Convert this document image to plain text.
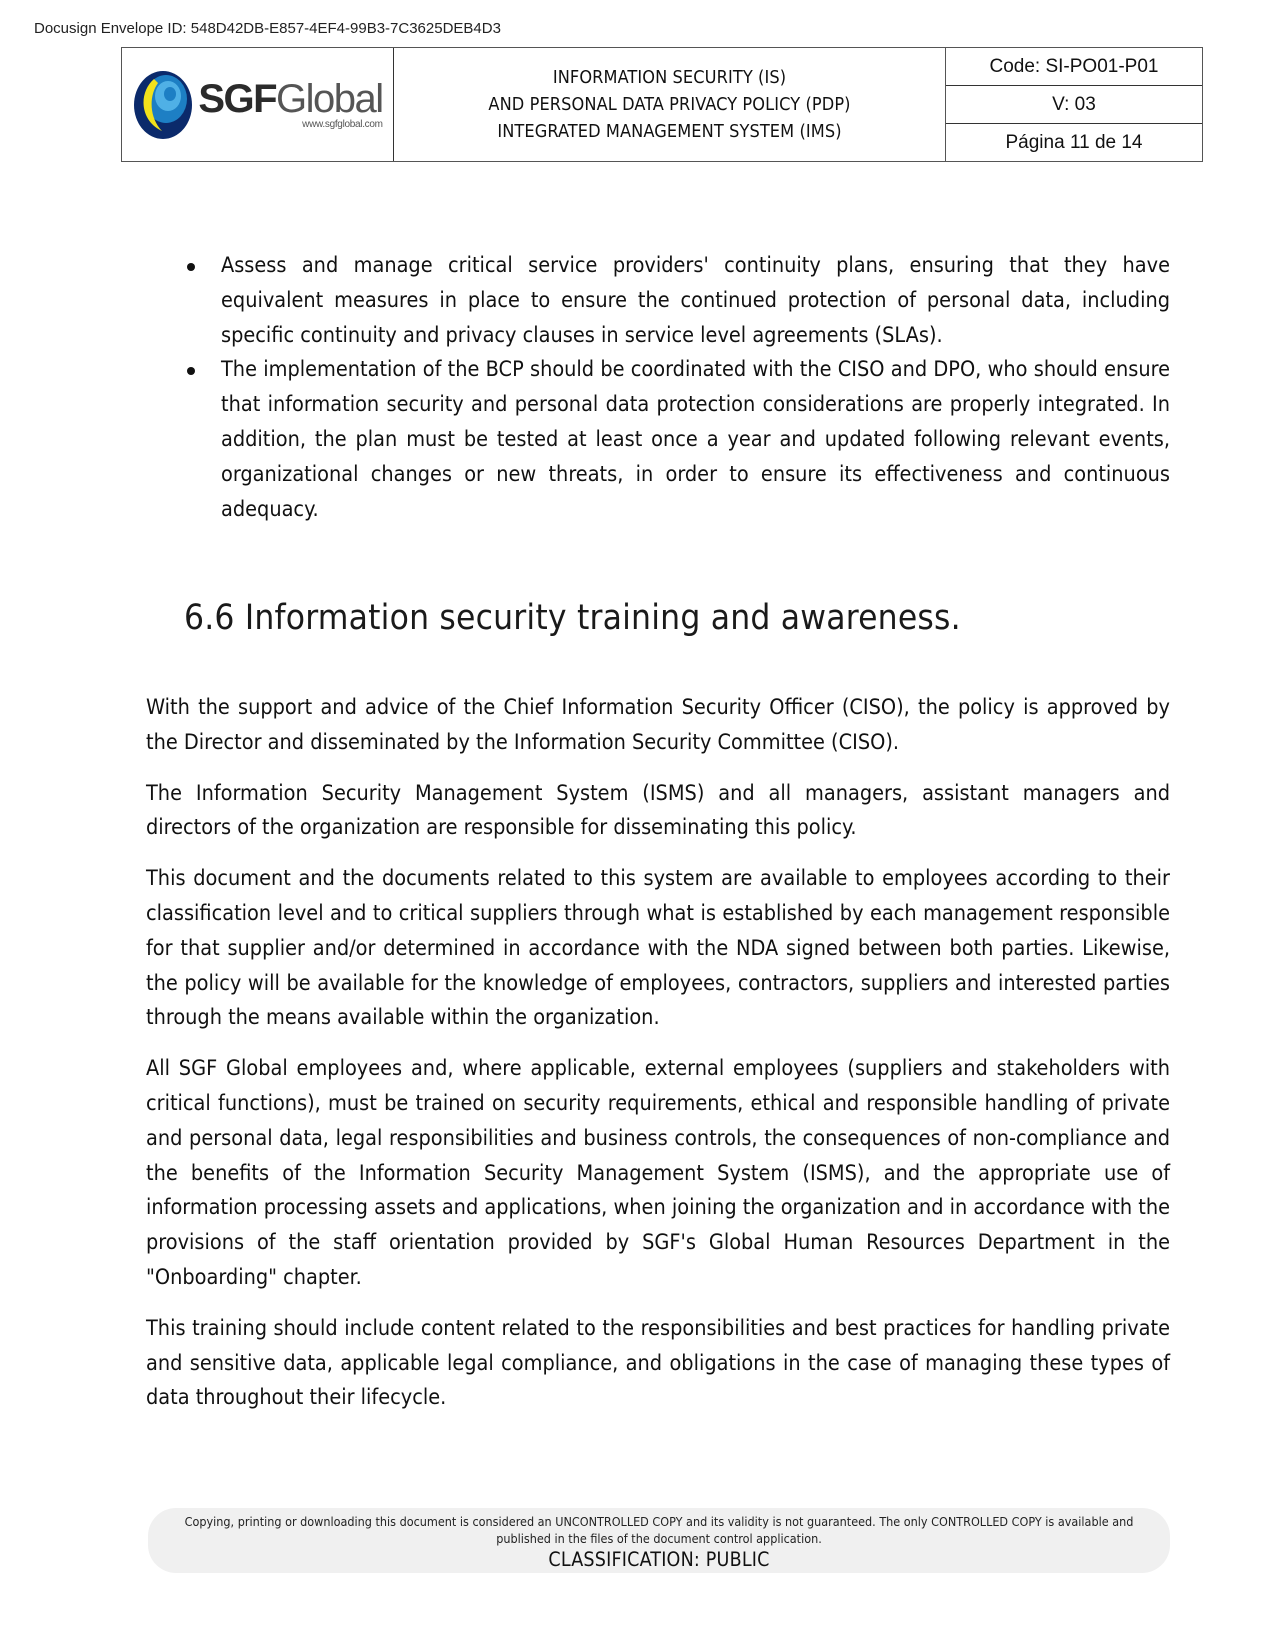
Docusign Envelope ID: 548D42DB-E857-4EF4-99B3-7C3625DEB4D3
SGFGlobal
www.sgfglobal.com
INFORMATION SECURITY (IS)
AND PERSONAL DATA PRIVACY POLICY (PDP)
INTEGRATED MANAGEMENT SYSTEM (IMS)
Code: SI-PO01-P01
V: 03
Página 11 de 14
Assess and manage critical service providers' continuity plans, ensuring that they have equivalent measures in place to ensure the continued protection of personal data, including specific continuity and privacy clauses in service level agreements (SLAs).
The implementation of the BCP should be coordinated with the CISO and DPO, who should ensure that information security and personal data protection considerations are properly integrated. In addition, the plan must be tested at least once a year and updated following relevant events, organizational changes or new threats, in order to ensure its effectiveness and continuous adequacy.
6.6 Information security training and awareness.

With the support and advice of the Chief Information Security Officer (CISO), the policy is approved by the Director and disseminated by the Information Security Committee (CISO).

The Information Security Management System (ISMS) and all managers, assistant managers and directors of the organization are responsible for disseminating this policy.

This document and the documents related to this system are available to employees according to their classification level and to critical suppliers through what is established by each management responsible for that supplier and/or determined in accordance with the NDA signed between both parties. Likewise, the policy will be available for the knowledge of employees, contractors, suppliers and interested parties through the means available within the organization.

All SGF Global employees and, where applicable, external employees (suppliers and stakeholders with critical functions), must be trained on security requirements, ethical and responsible handling of private and personal data, legal responsibilities and business controls, the consequences of non-compliance and the benefits of the Information Security Management System (ISMS), and the appropriate use of information processing assets and applications, when joining the organization and in accordance with the provisions of the staff orientation provided by SGF's Global Human Resources Department in the "Onboarding" chapter.

This training should include content related to the responsibilities and best practices for handling private and sensitive data, applicable legal compliance, and obligations in the case of managing these types of data throughout their lifecycle.

Copying, printing or downloading this document is considered an UNCONTROLLED COPY and its validity is not guaranteed. The only CONTROLLED COPY is available and published in the files of the document control application.
CLASSIFICATION: PUBLIC
